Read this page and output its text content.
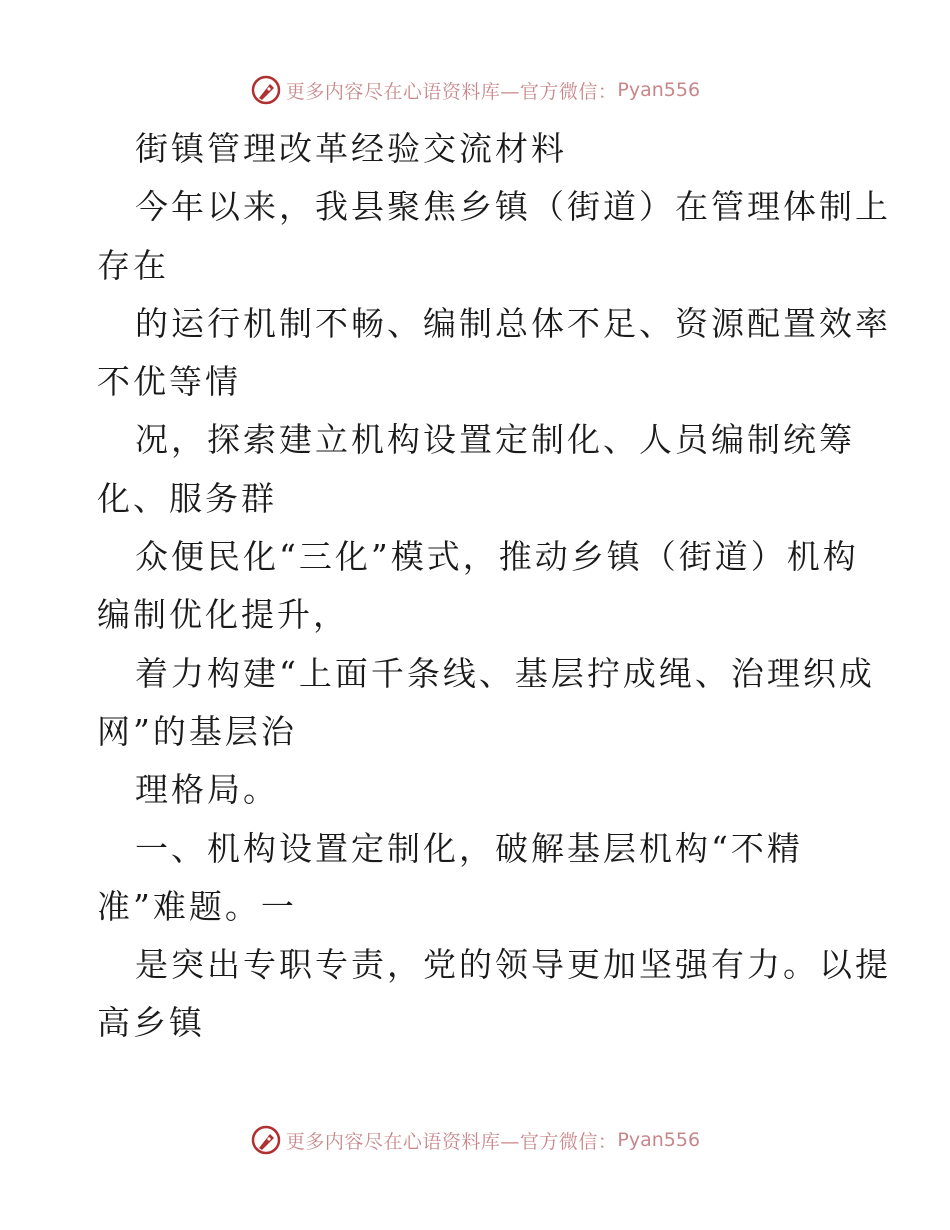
更多内容尽在心语资料库—官方微信： Pyan556
街镇管理改革经验交流材料
今年以来，我县聚焦乡镇（街道）在管理体制上
存在
的运行机制不畅、编制总体不足、资源配置效率
不优等情
况，探索建立机构设置定制化、人员编制统筹
化、服务群
众便民化“三化”模式，推动乡镇（街道）机构
编制优化提升，
着力构建“上面千条线、基层拧成绳、治理织成
网”的基层治
理格局。
一、机构设置定制化，破解基层机构“不精
准”难题。一
是突出专职专责，党的领导更加坚强有力。以提
高乡镇
更多内容尽在心语资料库—官方微信： Pyan556
